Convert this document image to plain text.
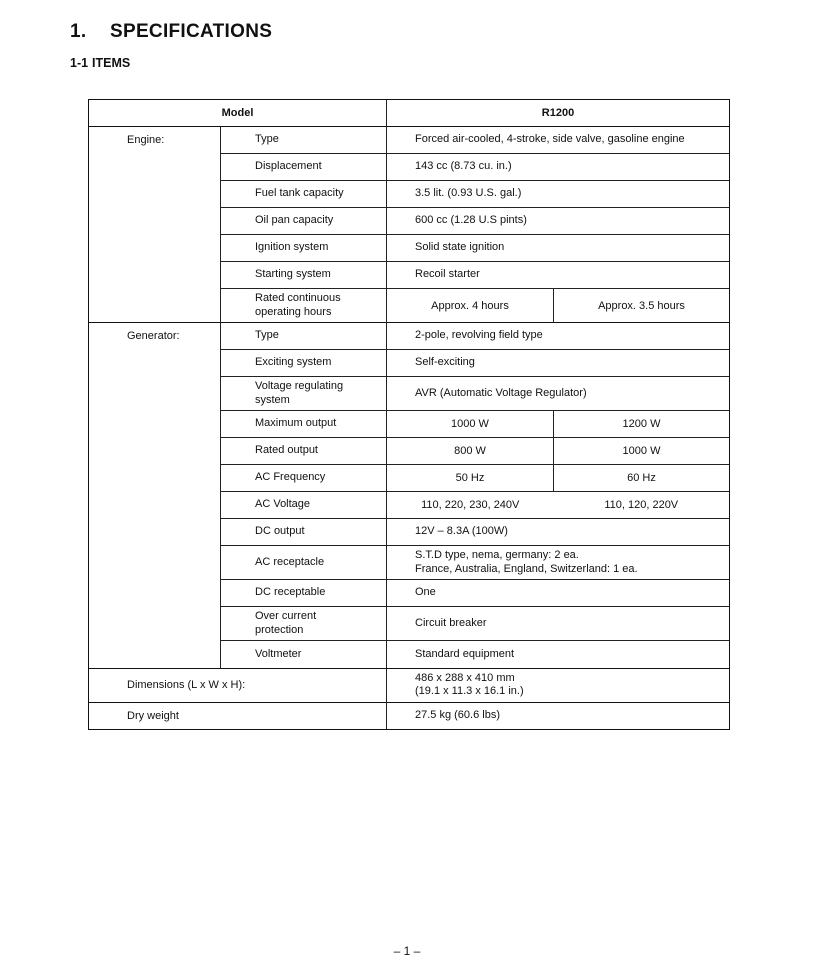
1. SPECIFICATIONS
1-1 ITEMS
Model		R1200	
Engine:	Type	Forced air-cooled, 4-stroke, side valve, gasoline engine	
	Displacement	143 cc (8.73 cu. in.)	
	Fuel tank capacity	3.5 lit. (0.93 U.S. gal.)	
	Oil pan capacity	600 cc (1.28 U.S pints)	
	Ignition system	Solid state ignition	
	Starting system	Recoil starter	
	Rated continuous
operating hours	Approx. 4 hours	Approx. 3.5 hours
Generator:	Type	2-pole, revolving field type	
	Exciting system	Self-exciting	
	Voltage regulating
system	AVR (Automatic Voltage Regulator)	
	Maximum output	1000 W	1200 W
	Rated output	800 W	1000 W
	AC Frequency	50 Hz	60 Hz
	AC Voltage	110, 220, 230, 240V	110, 120, 220V
	DC output	12V – 8.3A (100W)	
	AC receptacle	S.T.D type, nema, germany: 2 ea.
France, Australia, England, Switzerland: 1 ea.	
	DC receptable	One	
	Over current
protection	Circuit breaker	
	Voltmeter	Standard equipment	

Dimensions (L x W x H):		486 x 288 x 410 mm
(19.1 x 11.3 x 16.1 in.)	
Dry weight		27.5 kg (60.6 lbs)	
– 1 –
